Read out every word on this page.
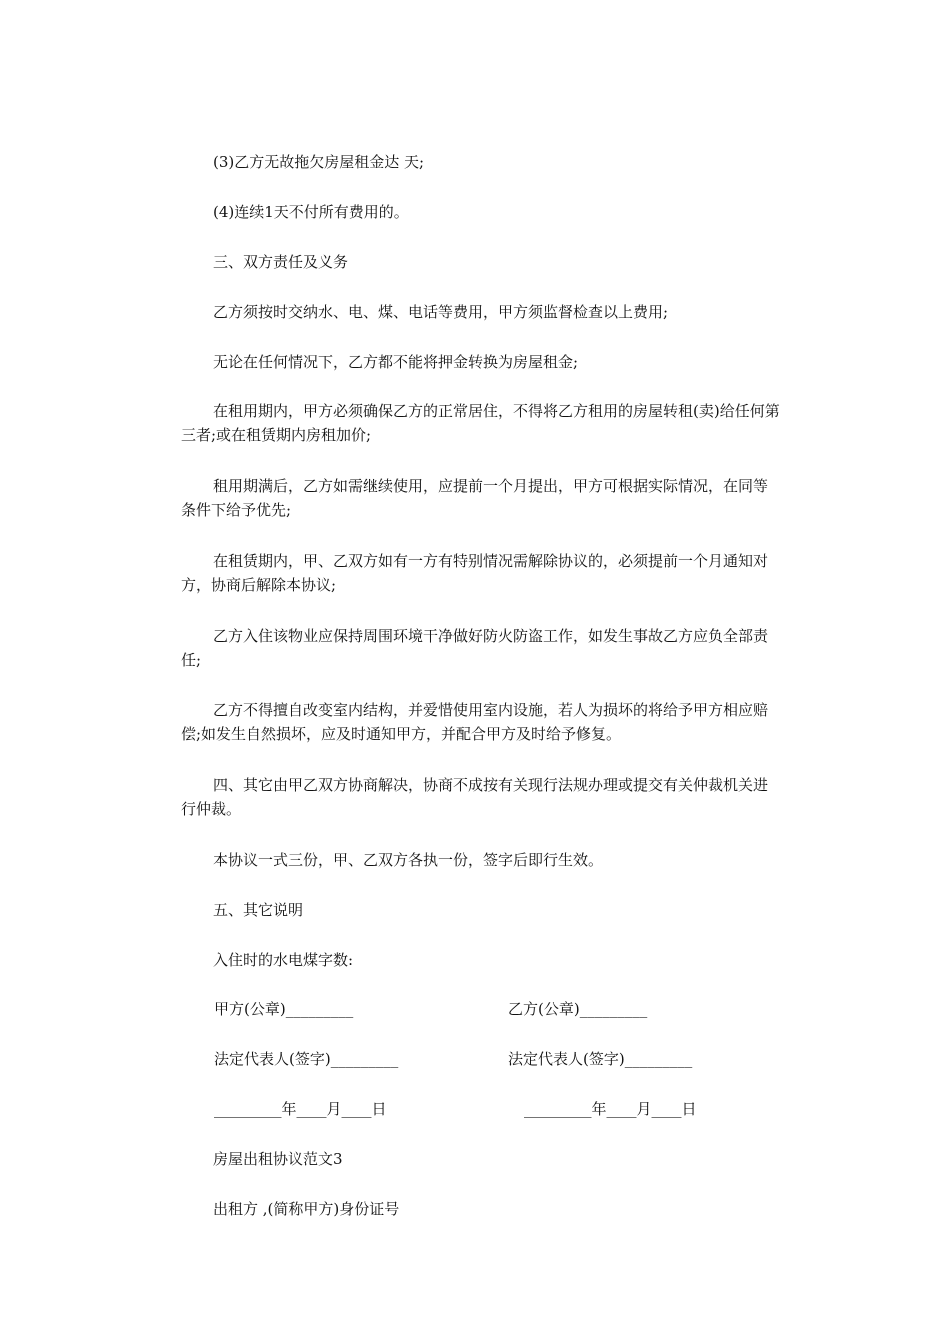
(3)乙方无故拖欠房屋租金达 天;

(4)连续1天不付所有费用的。

三、双方责任及义务

乙方须按时交纳水、电、煤、电话等费用，甲方须监督检查以上费用;

无论在任何情况下，乙方都不能将押金转换为房屋租金;

在租用期内，甲方必须确保乙方的正常居住，不得将乙方租用的房屋转租(卖)给任何第三者;或在租赁期内房租加价;

租用期满后，乙方如需继续使用，应提前一个月提出，甲方可根据实际情况，在同等条件下给予优先;

在租赁期内，甲、乙双方如有一方有特别情况需解除协议的，必须提前一个月通知对方，协商后解除本协议;

乙方入住该物业应保持周围环境干净做好防火防盗工作，如发生事故乙方应负全部责任;

乙方不得擅自改变室内结构，并爱惜使用室内设施，若人为损坏的将给予甲方相应赔偿;如发生自然损坏，应及时通知甲方，并配合甲方及时给予修复。

四、其它由甲乙双方协商解决，协商不成按有关现行法规办理或提交有关仲裁机关进行仲裁。

本协议一式三份，甲、乙双方各执一份，签字后即行生效。

五、其它说明

入住时的水电煤字数:

甲方(公章)_________	乙方(公章)_________
法定代表人(签字)_________	法定代表人(签字)_________
_________年____月____日	_________年____月____日

房屋出租协议范文3

出租方 ,(简称甲方)身份证号
